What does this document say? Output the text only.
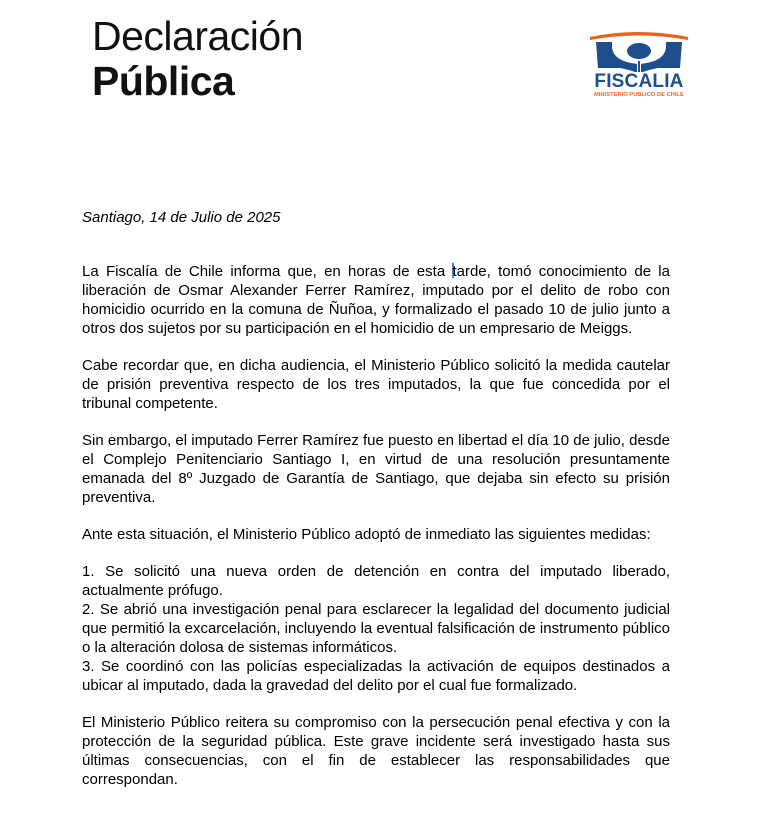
Declaración
Pública	FISCALIA
MINISTERIO PUBLICO DE CHILE

Santiago, 14 de Julio de 2025

La Fiscalía de Chile informa que, en horas de esta tarde, tomó conocimiento de la liberación de Osmar Alexander Ferrer Ramírez, imputado por el delito de robo con homicidio ocurrido en la comuna de Ñuñoa, y formalizado el pasado 10 de julio junto a otros dos sujetos por su participación en el homicidio de un empresario de Meiggs.

Cabe recordar que, en dicha audiencia, el Ministerio Público solicitó la medida cautelar de prisión preventiva respecto de los tres imputados, la que fue concedida por el tribunal competente.

Sin embargo, el imputado Ferrer Ramírez fue puesto en libertad el día 10 de julio, desde el Complejo Penitenciario Santiago I, en virtud de una resolución presuntamente emanada del 8º Juzgado de Garantía de Santiago, que dejaba sin efecto su prisión preventiva.

Ante esta situación, el Ministerio Público adoptó de inmediato las siguientes medidas:

1. Se solicitó una nueva orden de detención en contra del imputado liberado, actualmente prófugo.
2. Se abrió una investigación penal para esclarecer la legalidad del documento judicial que permitió la excarcelación, incluyendo la eventual falsificación de instrumento público o la alteración dolosa de sistemas informáticos.
3. Se coordinó con las policías especializadas la activación de equipos destinados a ubicar al imputado, dada la gravedad del delito por el cual fue formalizado.

El Ministerio Público reitera su compromiso con la persecución penal efectiva y con la protección de la seguridad pública. Este grave incidente será investigado hasta sus últimas consecuencias, con el fin de establecer las responsabilidades que correspondan.
